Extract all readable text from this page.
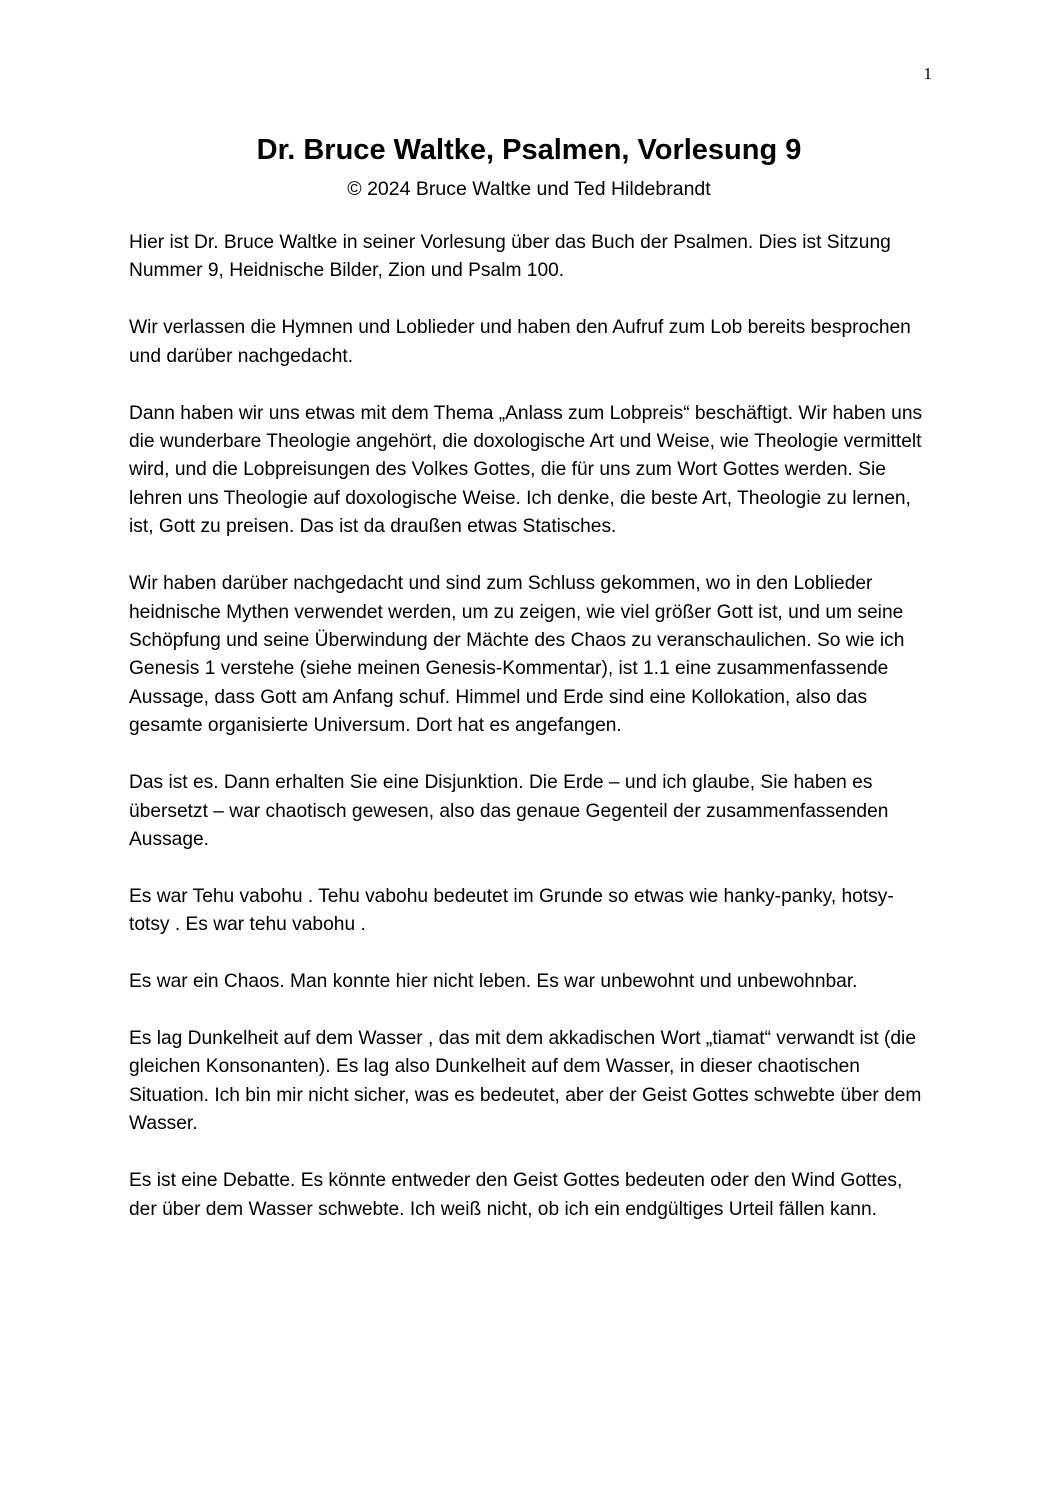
1
Dr. Bruce Waltke, Psalmen, Vorlesung 9

© 2024 Bruce Waltke und Ted Hildebrandt

Hier ist Dr. Bruce Waltke in seiner Vorlesung über das Buch der Psalmen. Dies ist Sitzung Nummer 9, Heidnische Bilder, Zion und Psalm 100.

Wir verlassen die Hymnen und Loblieder und haben den Aufruf zum Lob bereits besprochen und darüber nachgedacht.

Dann haben wir uns etwas mit dem Thema „Anlass zum Lobpreis“ beschäftigt. Wir haben uns die wunderbare Theologie angehört, die doxologische Art und Weise, wie Theologie vermittelt wird, und die Lobpreisungen des Volkes Gottes, die für uns zum Wort Gottes werden. Sie lehren uns Theologie auf doxologische Weise. Ich denke, die beste Art, Theologie zu lernen, ist, Gott zu preisen. Das ist da draußen etwas Statisches.

Wir haben darüber nachgedacht und sind zum Schluss gekommen, wo in den Loblieder heidnische Mythen verwendet werden, um zu zeigen, wie viel größer Gott ist, und um seine Schöpfung und seine Überwindung der Mächte des Chaos zu veranschaulichen. So wie ich Genesis 1 verstehe (siehe meinen Genesis-Kommentar), ist 1.1 eine zusammenfassende Aussage, dass Gott am Anfang schuf. Himmel und Erde sind eine Kollokation, also das gesamte organisierte Universum. Dort hat es angefangen.

Das ist es. Dann erhalten Sie eine Disjunktion. Die Erde – und ich glaube, Sie haben es übersetzt – war chaotisch gewesen, also das genaue Gegenteil der zusammenfassenden Aussage.

Es war Tehu vabohu . Tehu vabohu bedeutet im Grunde so etwas wie hanky-panky, hotsy-totsy . Es war tehu vabohu .

Es war ein Chaos. Man konnte hier nicht leben. Es war unbewohnt und unbewohnbar.

Es lag Dunkelheit auf dem Wasser , das mit dem akkadischen Wort „tiamat“ verwandt ist (die gleichen Konsonanten). Es lag also Dunkelheit auf dem Wasser, in dieser chaotischen Situation. Ich bin mir nicht sicher, was es bedeutet, aber der Geist Gottes schwebte über dem Wasser.

Es ist eine Debatte. Es könnte entweder den Geist Gottes bedeuten oder den Wind Gottes, der über dem Wasser schwebte. Ich weiß nicht, ob ich ein endgültiges Urteil fällen kann.
